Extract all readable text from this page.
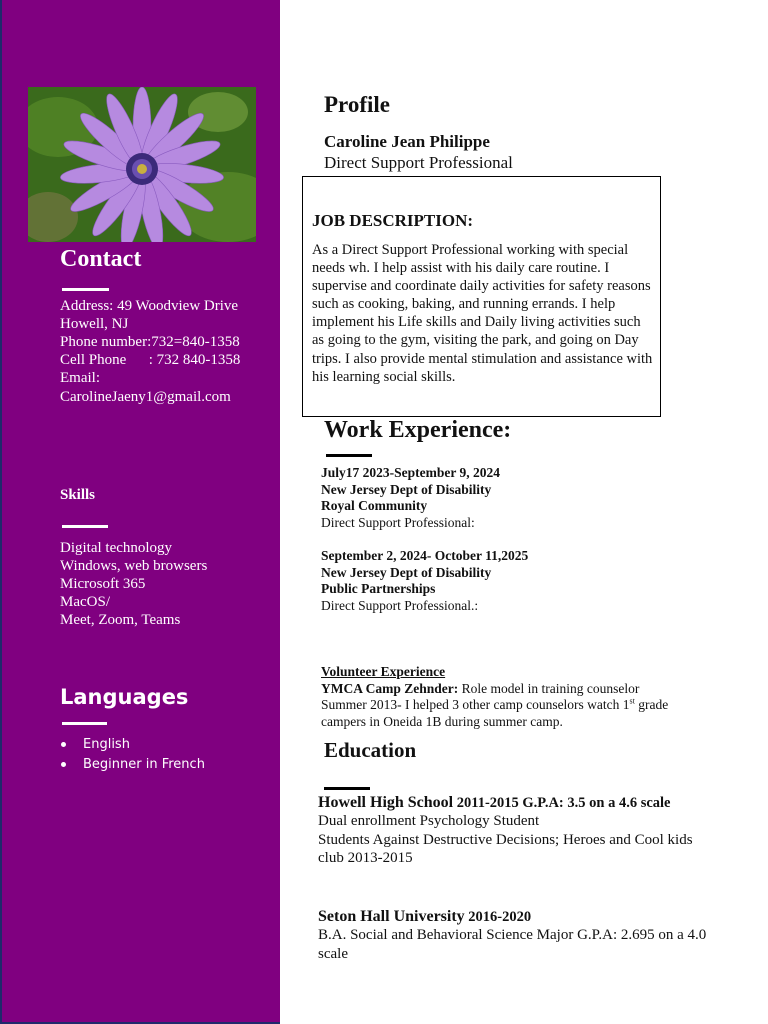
Contact
Address: 49 Woodview Drive
Howell, NJ
Phone number:732=840-1358
Cell Phone      : 732 840-1358
Email:
CarolineJaeny1@gmail.com
Skills
Digital technology
Windows, web browsers
Microsoft 365
MacOS/
Meet, Zoom, Teams
Languages
English
Beginner in French
Profile
Caroline Jean Philippe
Direct Support Professional
JOB DESCRIPTION:
As a Direct Support Professional working with special needs wh. I help assist with his daily care routine. I supervise and coordinate daily activities for safety reasons such as cooking, baking, and running errands. I help implement his Life skills and Daily living activities such as going to the gym, visiting the park, and going on Day trips. I also provide mental stimulation and assistance with his learning social skills.
Work Experience:
July17 2023-September 9, 2024
New Jersey Dept of Disability
Royal Community
Direct Support Professional:
September 2, 2024- October 11,2025
New Jersey Dept of Disability
Public Partnerships
Direct Support Professional.:
Volunteer Experience
YMCA Camp Zehnder: Role model in training counselor
Summer 2013- I helped 3 other camp counselors watch 1st grade
campers in Oneida 1B during summer camp.
Education
Howell High School 2011-2015 G.P.A: 3.5 on a 4.6 scale
Dual enrollment Psychology Student
Students Against Destructive Decisions; Heroes and Cool kids club 2013-2015
Seton Hall University 2016-2020
B.A. Social and Behavioral Science Major G.P.A: 2.695 on a 4.0 scale
